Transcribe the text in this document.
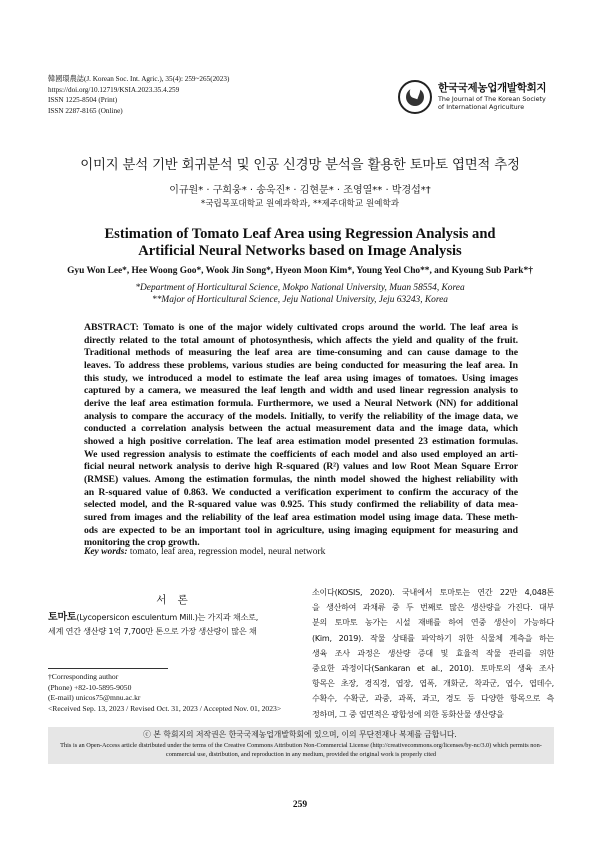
韓國環農誌(J. Korean Soc. Int. Agric.), 35(4): 259~265(2023)
https://doi.org/10.12719/KSIA.2023.35.4.259
ISSN 1225-8504 (Print)
ISSN 2287-8165 (Online)
한국국제농업개발학회지
The Journal of The Korean Society
of International Agriculture
이미지 분석 기반 회귀분석 및 인공 신경망 분석을 활용한 토마토 엽면적 추정
이규원* · 구희웅* · 송욱진* · 김현문* · 조영열** · 박경섭*†
*국립목포대학교 원예과학과, **제주대학교 원예학과
Estimation of Tomato Leaf Area using Regression Analysis and
Artificial Neural Networks based on Image Analysis
Gyu Won Lee*, Hee Woong Goo*, Wook Jin Song*, Hyeon Moon Kim*, Young Yeol Cho**, and Kyoung Sub Park*†
*Department of Horticultural Science, Mokpo National University, Muan 58554, Korea
**Major of Horticultural Science, Jeju National University, Jeju 63243, Korea
ABSTRACT: Tomato is one of the major widely cultivated crops around the world. The leaf area is
directly related to the total amount of photosynthesis, which affects the yield and quality of the fruit.
Traditional methods of measuring the leaf area are time-consuming and can cause damage to the
leaves. To address these problems, various studies are being conducted for measuring the leaf area. In
this study, we introduced a model to estimate the leaf area using images of tomatoes. Using images
captured by a camera, we measured the leaf length and width and used linear regression analysis to
derive the leaf area estimation formula. Furthermore, we used a Neural Network (NN) for additional
analysis to compare the accuracy of the models. Initially, to verify the reliability of the image data, we
conducted a correlation analysis between the actual measurement data and the image data, which
showed a high positive correlation. The leaf area estimation model presented 23 estimation formulas.
We used regression analysis to estimate the coefficients of each model and also used employed an arti-
ficial neural network analysis to derive high R-squared (R²) values and low Root Mean Square Error
(RMSE) values. Among the estimation formulas, the ninth model showed the highest reliability with
an R-squared value of 0.863. We conducted a verification experiment to confirm the accuracy of the
selected model, and the R-squared value was 0.925. This study confirmed the reliability of data mea-
sured from images and the reliability of the leaf area estimation model using image data. These meth-
ods are expected to be an important tool in agriculture, using imaging equipment for measuring and
monitoring the crop growth.
Key words: tomato, leaf area, regression model, neural network
서 론
토마토(Lycopersicon esculentum Mill.)는 가지과 채소로,
세계 연간 생산량 1억 7,700만 톤으로 가장 생산량이 많은 채
†Corresponding author
(Phone) +82-10-5895-9050
(E-mail) unicos75@mnu.ac.kr
<Received Sep. 13, 2023 / Revised Oct. 31, 2023 / Accepted Nov. 01, 2023>
소이다(KOSIS, 2020). 국내에서 토마토는 연간 22만 4,048톤
을 생산하여 과채류 중 두 번째로 많은 생산량을 가진다. 대부
분의 토마토 농가는 시설 재배를 하여 연중 생산이 가능하다
(Kim, 2019). 작물 상태를 파악하기 위한 식물체 계측을 하는
생육 조사 과정은 생산량 증대 및 효율적 작물 관리를 위한
중요한 과정이다(Sankaran et al., 2010). 토마토의 생육 조사
항목은 초장, 경직경, 엽장, 엽폭, 개화군, 착과군, 엽수, 엽데수,
수확수, 수확군, 과중, 과폭, 과고, 경도 등 다양한 항목으로 측
정하며, 그 중 엽면적은 광합성에 의한 동화산물 생산량을
ⓒ 본 학회지의 저작권은 한국국제농업개발학회에 있으며, 이의 무단전재나 복제를 금합니다.
This is an Open-Access article distributed under the terms of the Creative Commons Attribution Non-Commercial License (http://creativecommons.org/licenses/by-nc/3.0) which permits non-commercial use, distribution, and reproduction in any medium, provided the original work is properly cited
259
